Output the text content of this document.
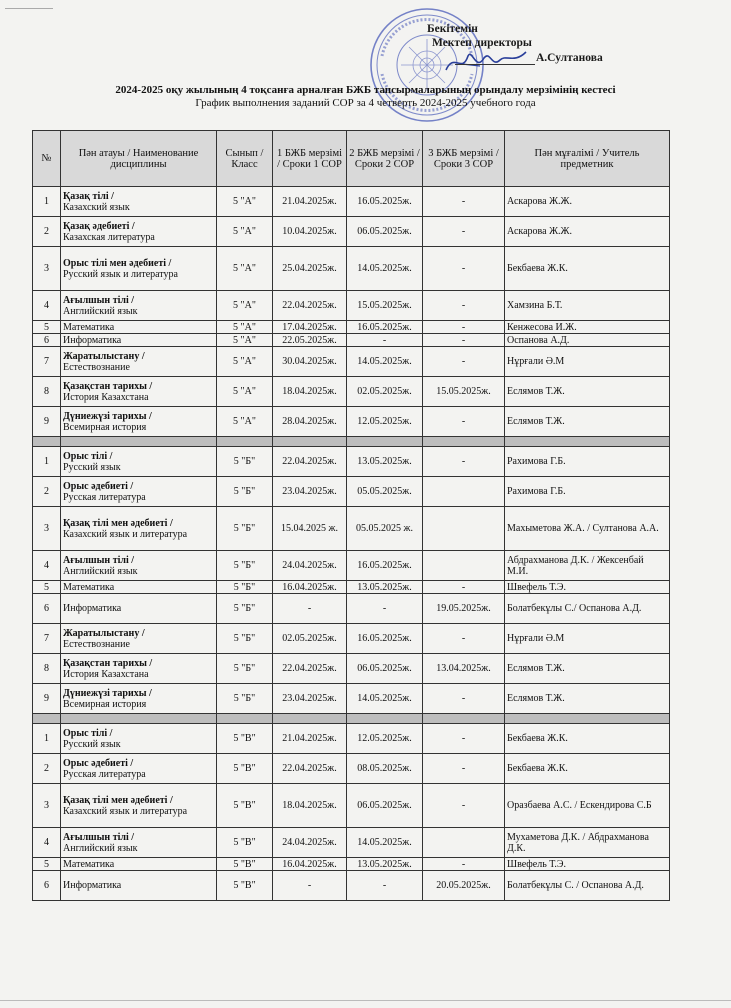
Бекітемін
Мектеп директоры
А.Султанова
2024-2025 оқу жылының 4 тоқсанға арналған БЖБ тапсырмаларының орындалу мерзімінің кестесі
График выполнения заданий СОР за 4 четверть 2024-2025 учебного года
№	Пән атауы / Наименование дисциплины	Сынып / Класс	1 БЖБ мерзімі / Сроки 1 СОР	2 БЖБ мерзімі / Сроки 2 СОР	3 БЖБ мерзімі / Сроки 3 СОР	Пән мұғалімі / Учитель предметник
1	Қазақ тілі /
Казахский язык	5 "А"	21.04.2025ж.	16.05.2025ж.	-	Аскарова Ж.Ж.
2	Қазақ әдебиеті /
Казахская литература	5 "А"	10.04.2025ж.	06.05.2025ж.	-	Аскарова Ж.Ж.
3	Орыс тілі мен әдебиеті /
Русский язык и литература	5 "А"	25.04.2025ж.	14.05.2025ж.	-	Бекбаева Ж.К.
4	Ағылшын тілі /
Английский язык	5 "А"	22.04.2025ж.	15.05.2025ж.	-	Хамзина Б.Т.
5	Математика	5 "А"	17.04.2025ж.	16.05.2025ж.	-	Кенжесова И.Ж.
6	Информатика	5 "А"	22.05.2025ж.	-	-	Оспанова А.Д.
7	Жаратылыстану /
Естествознание	5 "А"	30.04.2025ж.	14.05.2025ж.	-	Нұрғали Ә.М
8	Қазақстан тарихы /
История Казахстана	5 "А"	18.04.2025ж.	02.05.2025ж.	15.05.2025ж.	Еслямов Т.Ж.
9	Дүниежүзі тарихы /
Всемирная история	5 "А"	28.04.2025ж.	12.05.2025ж.	-	Еслямов Т.Ж.

1	Орыс тілі /
Русский язык	5 "Б"	22.04.2025ж.	13.05.2025ж.	-	Рахимова Г.Б.
2	Орыс әдебиеті /
Русская литература	5 "Б"	23.04.2025ж.	05.05.2025ж.		Рахимова Г.Б.
3	Қазақ тілі мен әдебиеті /
Казахский язык и литература	5 "Б"	15.04.2025 ж.	05.05.2025 ж.		Махыметова Ж.А. / Султанова А.А.
4	Ағылшын тілі /
Английский язык	5 "Б"	24.04.2025ж.	16.05.2025ж.		Абдрахманова Д.К. / Жексенбай М.И.
5	Математика	5 "Б"	16.04.2025ж.	13.05.2025ж.	-	Швефель Т.Э.
6	Информатика	5 "Б"	-	-	19.05.2025ж.	Болатбекұлы С./ Оспанова А.Д.
7	Жаратылыстану /
Естествознание	5 "Б"	02.05.2025ж.	16.05.2025ж.	-	Нұрғали Ә.М
8	Қазақстан тарихы /
История Казахстана	5 "Б"	22.04.2025ж.	06.05.2025ж.	13.04.2025ж.	Еслямов Т.Ж.
9	Дүниежүзі тарихы /
Всемирная история	5 "Б"	23.04.2025ж.	14.05.2025ж.	-	Еслямов Т.Ж.

1	Орыс тілі /
Русский язык	5 "В"	21.04.2025ж.	12.05.2025ж.	-	Бекбаева Ж.К.
2	Орыс әдебиеті /
Русская литература	5 "В"	22.04.2025ж.	08.05.2025ж.	-	Бекбаева Ж.К.
3	Қазақ тілі мен әдебиеті /
Казахский язык и литература	5 "В"	18.04.2025ж.	06.05.2025ж.	-	Оразбаева А.С. / Ескендирова С.Б
4	Ағылшын тілі /
Английский язык	5 "В"	24.04.2025ж.	14.05.2025ж.		Мухаметова Д.К. / Абдрахманова Д.К.
5	Математика	5 "В"	16.04.2025ж.	13.05.2025ж.	-	Швефель Т.Э.
6	Информатика	5 "В"	-	-	20.05.2025ж.	Болатбекұлы С. / Оспанова А.Д.
